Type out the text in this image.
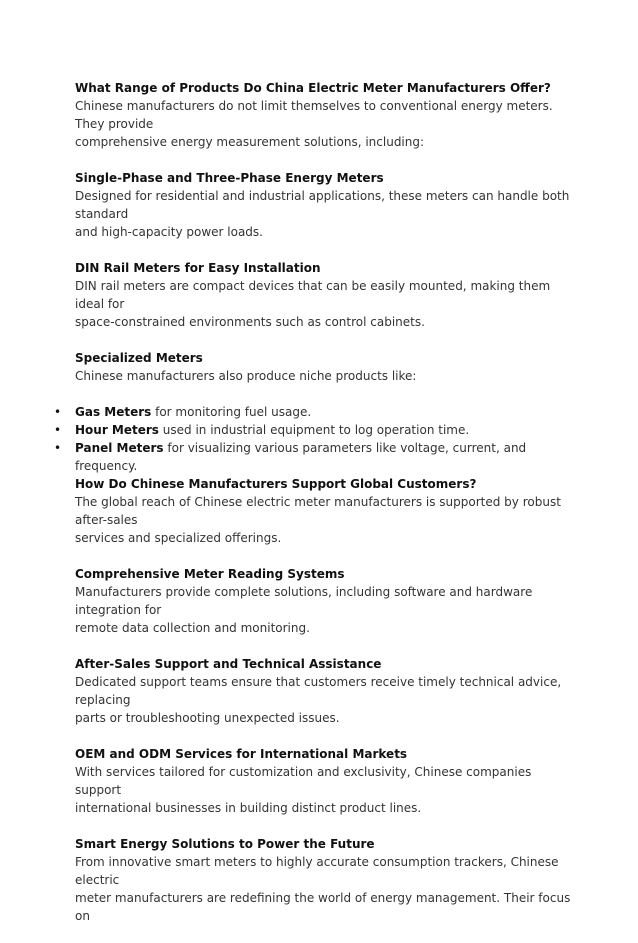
What Range of Products Do China Electric Meter Manufacturers Offer?

Chinese manufacturers do not limit themselves to conventional energy meters. They provide

comprehensive energy measurement solutions, including:

Single-Phase and Three-Phase Energy Meters

Designed for residential and industrial applications, these meters can handle both standard

and high-capacity power loads.

DIN Rail Meters for Easy Installation

DIN rail meters are compact devices that can be easily mounted, making them ideal for

space-constrained environments such as control cabinets.

Specialized Meters

Chinese manufacturers also produce niche products like:

• Gas Meters for monitoring fuel usage.
• Hour Meters used in industrial equipment to log operation time.
• Panel Meters for visualizing various parameters like voltage, current, and frequency.

How Do Chinese Manufacturers Support Global Customers?

The global reach of Chinese electric meter manufacturers is supported by robust after-sales

services and specialized offerings.

Comprehensive Meter Reading Systems

Manufacturers provide complete solutions, including software and hardware integration for

remote data collection and monitoring.

After-Sales Support and Technical Assistance

Dedicated support teams ensure that customers receive timely technical advice, replacing

parts or troubleshooting unexpected issues.

OEM and ODM Services for International Markets

With services tailored for customization and exclusivity, Chinese companies support

international businesses in building distinct product lines.

Smart Energy Solutions to Power the Future

From innovative smart meters to highly accurate consumption trackers, Chinese electric

meter manufacturers are redefining the world of energy management. Their focus on
